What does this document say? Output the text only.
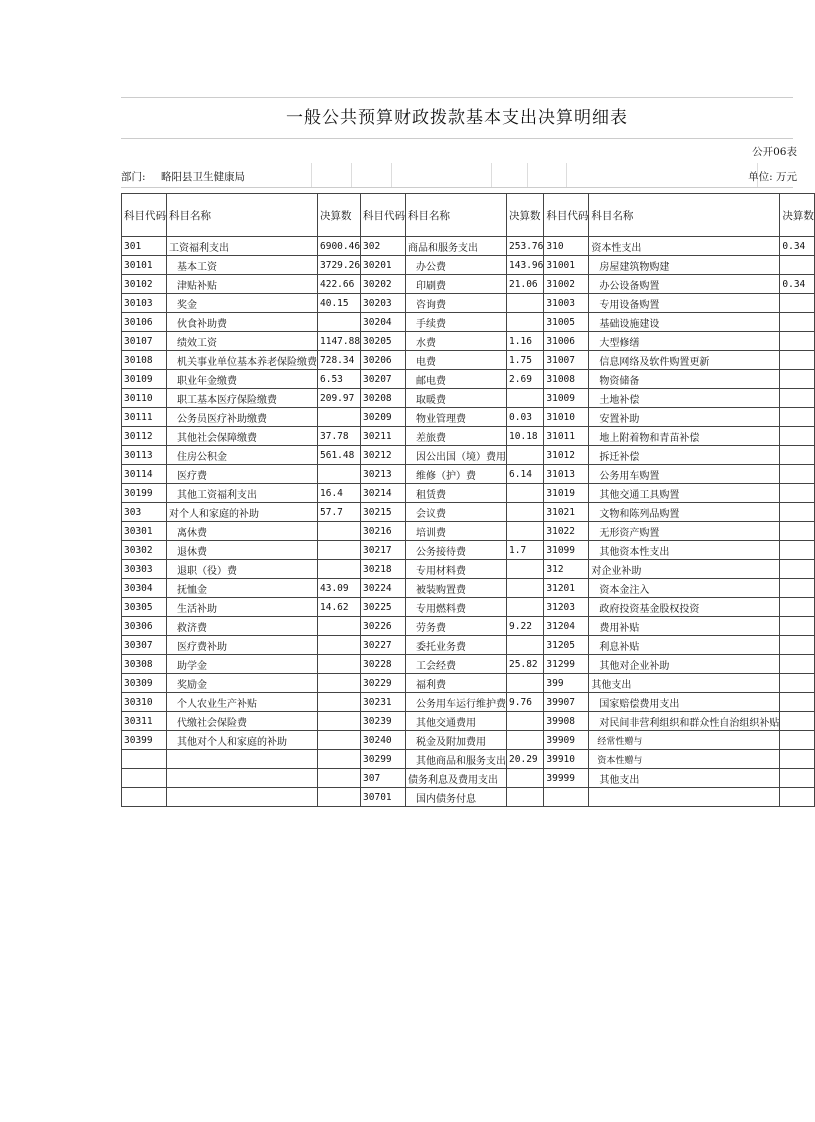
一般公共预算财政拨款基本支出决算明细表
公开06表
部门: 略阳县卫生健康局	单位: 万元
科目代码	科目名称	决算数	科目代码	科目名称	决算数	科目代码	科目名称	决算数
301	工资福利支出	6900.46	302	商品和服务支出	253.76	310	资本性支出	0.34
30101	基本工资	3729.26	30201	办公费	143.96	31001	房屋建筑物购建	
30102	津贴补贴	422.66	30202	印刷费	21.06	31002	办公设备购置	0.34
30103	奖金	40.15	30203	咨询费		31003	专用设备购置	
30106	伙食补助费		30204	手续费		31005	基础设施建设	
30107	绩效工资	1147.88	30205	水费	1.16	31006	大型修缮	
30108	机关事业单位基本养老保险缴费	728.34	30206	电费	1.75	31007	信息网络及软件购置更新	
30109	职业年金缴费	6.53	30207	邮电费	2.69	31008	物资储备	
30110	职工基本医疗保险缴费	209.97	30208	取暖费		31009	土地补偿	
30111	公务员医疗补助缴费		30209	物业管理费	0.03	31010	安置补助	
30112	其他社会保障缴费	37.78	30211	差旅费	10.18	31011	地上附着物和青苗补偿	
30113	住房公积金	561.48	30212	因公出国（境）费用		31012	拆迁补偿	
30114	医疗费		30213	维修（护）费	6.14	31013	公务用车购置	
30199	其他工资福利支出	16.4	30214	租赁费		31019	其他交通工具购置	
303	对个人和家庭的补助	57.7	30215	会议费		31021	文物和陈列品购置	
30301	离休费		30216	培训费		31022	无形资产购置	
30302	退休费		30217	公务接待费	1.7	31099	其他资本性支出	
30303	退职（役）费		30218	专用材料费		312	对企业补助	
30304	抚恤金	43.09	30224	被装购置费		31201	资本金注入	
30305	生活补助	14.62	30225	专用燃料费		31203	政府投资基金股权投资	
30306	救济费		30226	劳务费	9.22	31204	费用补贴	
30307	医疗费补助		30227	委托业务费		31205	利息补贴	
30308	助学金		30228	工会经费	25.82	31299	其他对企业补助	
30309	奖励金		30229	福利费		399	其他支出	
30310	个人农业生产补贴		30231	公务用车运行维护费	9.76	39907	国家赔偿费用支出	
30311	代缴社会保险费		30239	其他交通费用		39908	对民间非营利组织和群众性自治组织补贴	
30399	其他对个人和家庭的补助		30240	税金及附加费用		39909	经常性赠与	
			30299	其他商品和服务支出	20.29	39910	资本性赠与	
			307	债务利息及费用支出		39999	其他支出	
			30701	国内债务付息				
